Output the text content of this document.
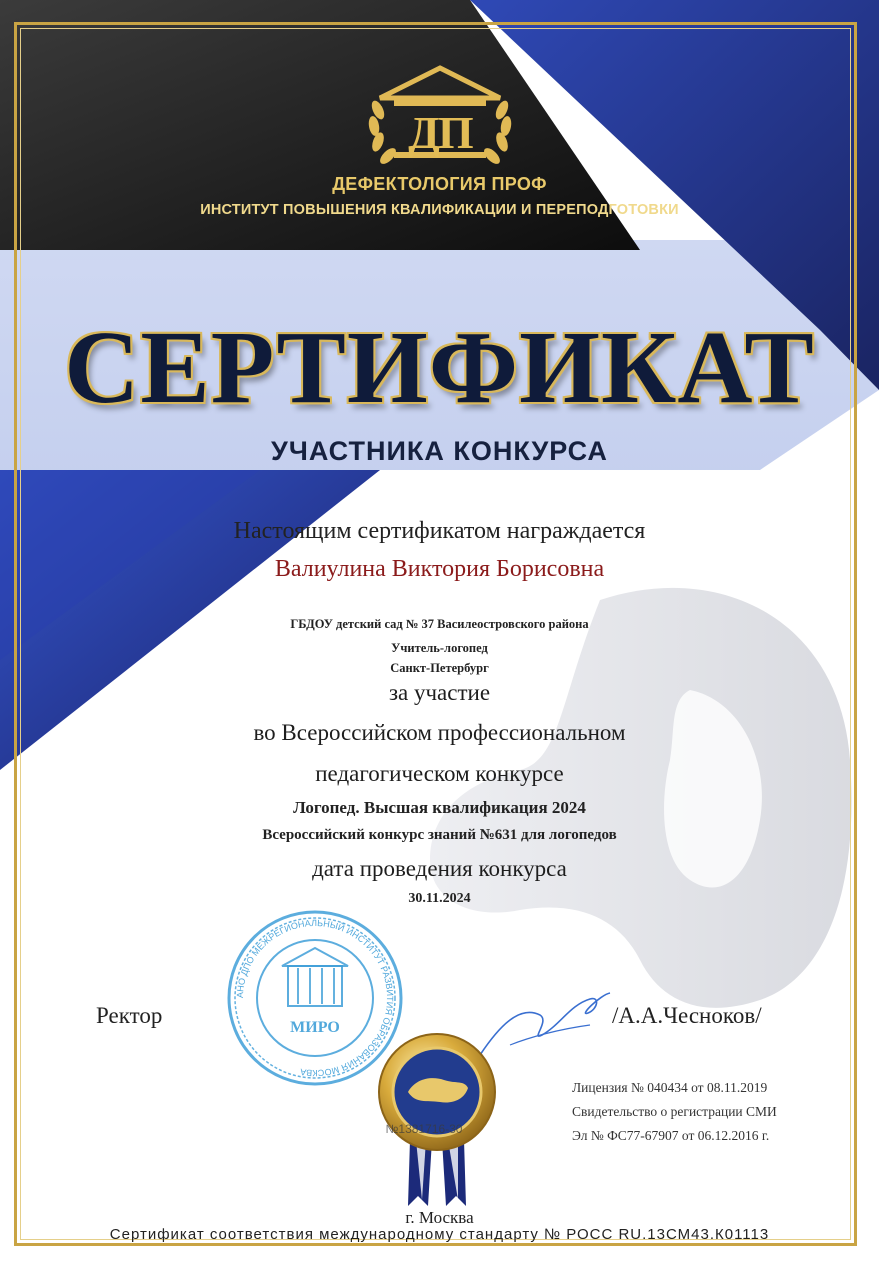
ДП

ДЕФЕКТОЛОГИЯ ПРОФ

ИНСТИТУТ ПОВЫШЕНИЯ КВАЛИФИКАЦИИ И ПЕРЕПОДГОТОВКИ

СЕРТИФИКАТ

УЧАСТНИКА КОНКУРСА

Настоящим сертификатом награждается

Валиулина Виктория Борисовна

ГБДОУ детский сад № 37 Василеостровского района

Учитель-логопед

Санкт-Петербург

за участие

во Всероссийском профессиональном

педагогическом конкурсе

Логопед. Высшая квалификация 2024

Всероссийский конкурс знаний №631 для логопедов

дата проведения конкурса

30.11.2024

АНО ДПО МЕЖРЕГИОНАЛЬНЫЙ ИНСТИТУТ РАЗВИТИЯ ОБРАЗОВАНИЯ МОСКВА
МИРО
Ректор	/А.А.Чесноков/
№1381716-30
Лицензия № 040434 от 08.11.2019
Свидетельство о регистрации СМИ
Эл № ФС77-67907 от 06.12.2016 г.

г. Москва

Сертификат соответствия международному стандарту № РОСС RU.13СМ43.К01113
